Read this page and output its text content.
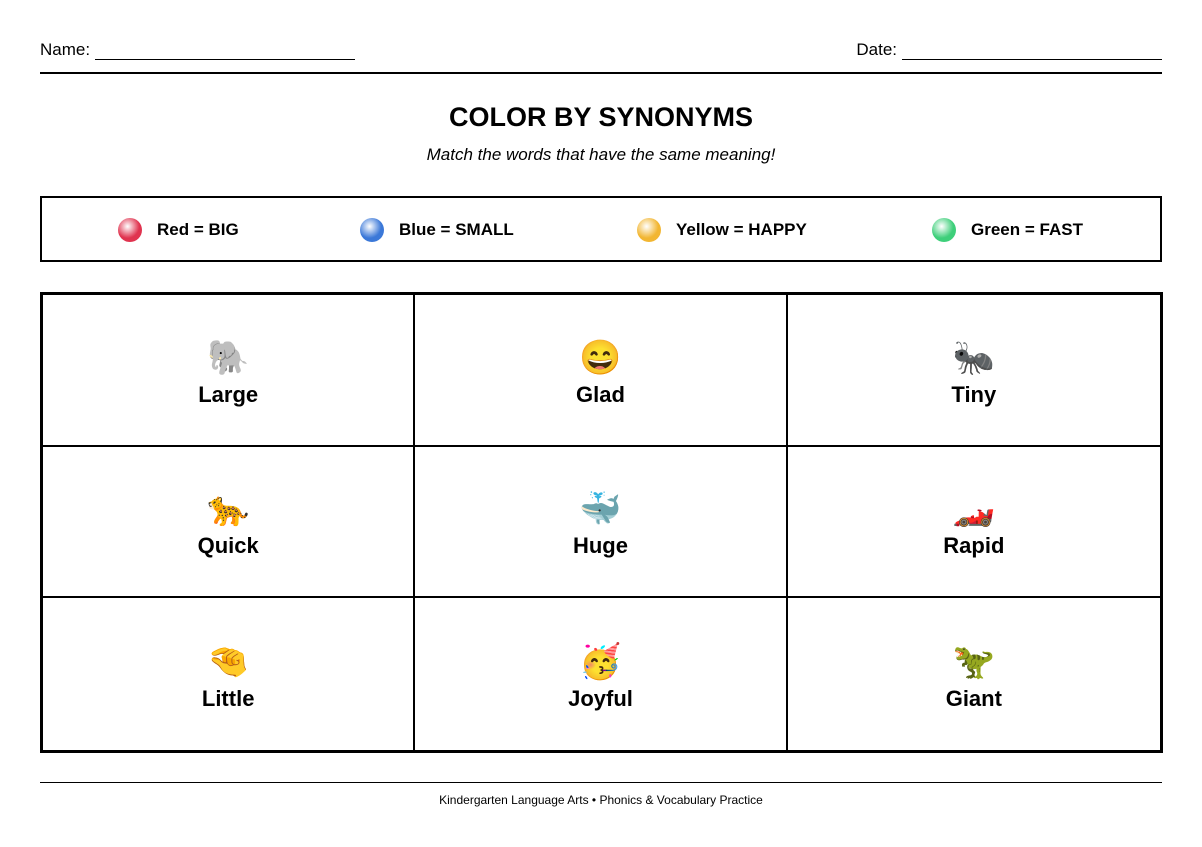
Name:	Date:
COLOR BY SYNONYMS
Match the words that have the same meaning!
Red = BIG	Blue = SMALL	Yellow = HAPPY	Green = FAST
🐘
Large
😄
Glad
🐜
Tiny
🐆
Quick
🐳
Huge
🏎️
Rapid
🤏
Little
🥳
Joyful
🦖
Giant
Kindergarten Language Arts • Phonics & Vocabulary Practice
